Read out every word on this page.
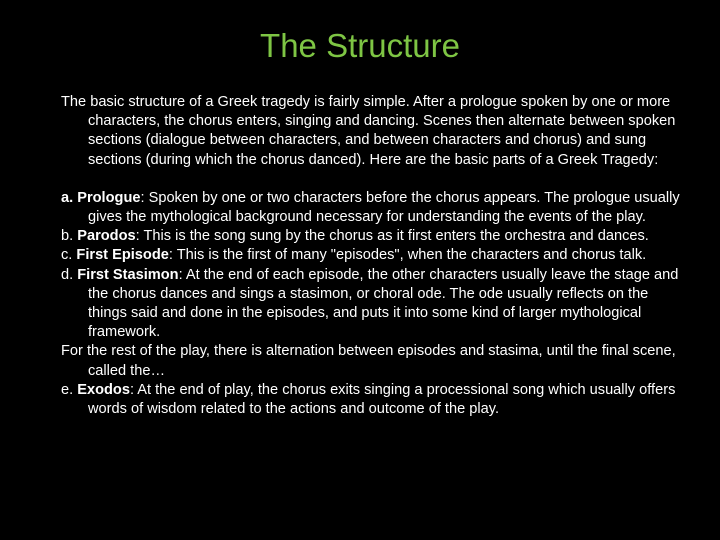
The Structure

The basic structure of a Greek tragedy is fairly simple. After a prologue spoken by one or more characters, the chorus enters, singing and dancing. Scenes then alternate between spoken sections (dialogue between characters, and between characters and chorus) and sung sections (during which the chorus danced). Here are the basic parts of a Greek Tragedy:

a. Prologue: Spoken by one or two characters before the chorus appears. The prologue usually gives the mythological background necessary for understanding the events of the play.

b. Parodos: This is the song sung by the chorus as it first enters the orchestra and dances.

c. First Episode: This is the first of many "episodes", when the characters and chorus talk.

d. First Stasimon: At the end of each episode, the other characters usually leave the stage and the chorus dances and sings a stasimon, or choral ode. The ode usually reflects on the things said and done in the episodes, and puts it into some kind of larger mythological framework.

For the rest of the play, there is alternation between episodes and stasima, until the final scene, called the…

e. Exodos: At the end of play, the chorus exits singing a processional song which usually offers words of wisdom related to the actions and outcome of the play.
